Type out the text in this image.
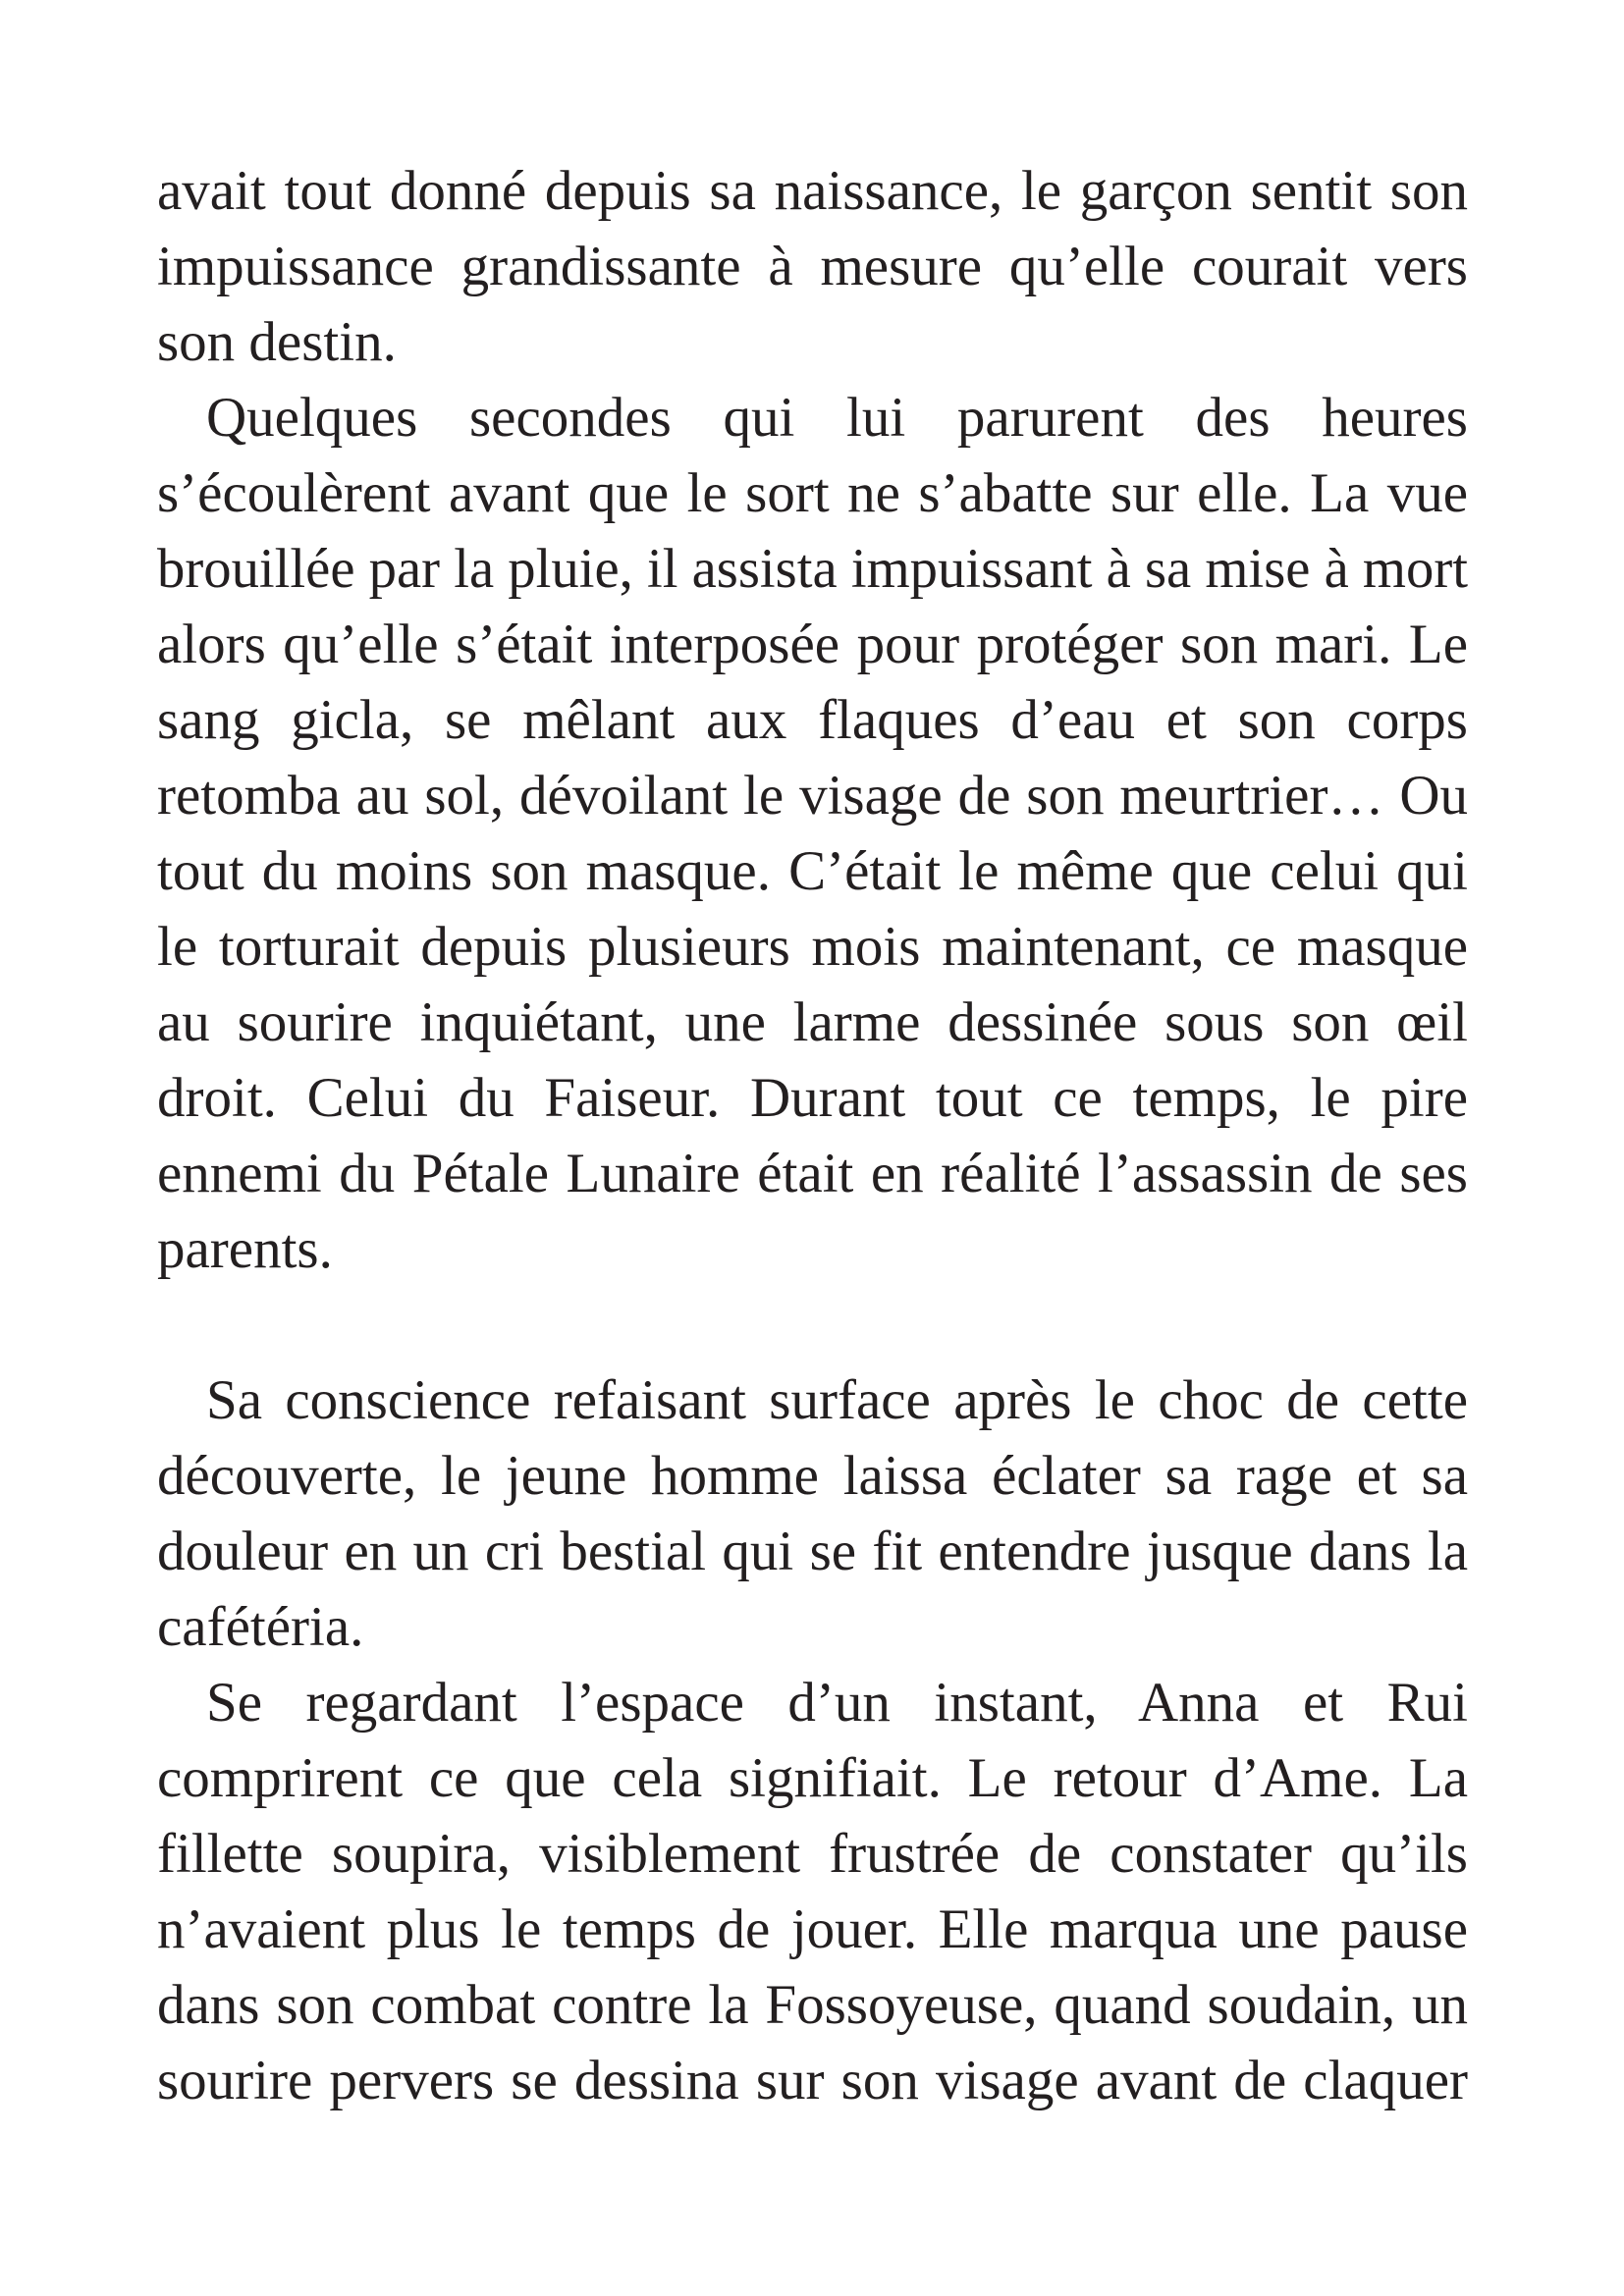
avait tout donné depuis sa naissance, le garçon sentit son
impuissance grandissante à mesure qu’elle courait vers
son destin.
Quelques secondes qui lui parurent des heures
s’écoulèrent avant que le sort ne s’abatte sur elle. La vue
brouillée par la pluie, il assista impuissant à sa mise à mort
alors qu’elle s’était interposée pour protéger son mari. Le
sang gicla, se mêlant aux flaques d’eau et son corps
retomba au sol, dévoilant le visage de son meurtrier… Ou
tout du moins son masque. C’était le même que celui qui
le torturait depuis plusieurs mois maintenant, ce masque
au sourire inquiétant, une larme dessinée sous son œil
droit. Celui du Faiseur. Durant tout ce temps, le pire
ennemi du Pétale Lunaire était en réalité l’assassin de ses
parents.
Sa conscience refaisant surface après le choc de cette
découverte, le jeune homme laissa éclater sa rage et sa
douleur en un cri bestial qui se fit entendre jusque dans la
cafétéria.
Se regardant l’espace d’un instant, Anna et Rui
comprirent ce que cela signifiait. Le retour d’Ame. La
fillette soupira, visiblement frustrée de constater qu’ils
n’avaient plus le temps de jouer. Elle marqua une pause
dans son combat contre la Fossoyeuse, quand soudain, un
sourire pervers se dessina sur son visage avant de claquer
